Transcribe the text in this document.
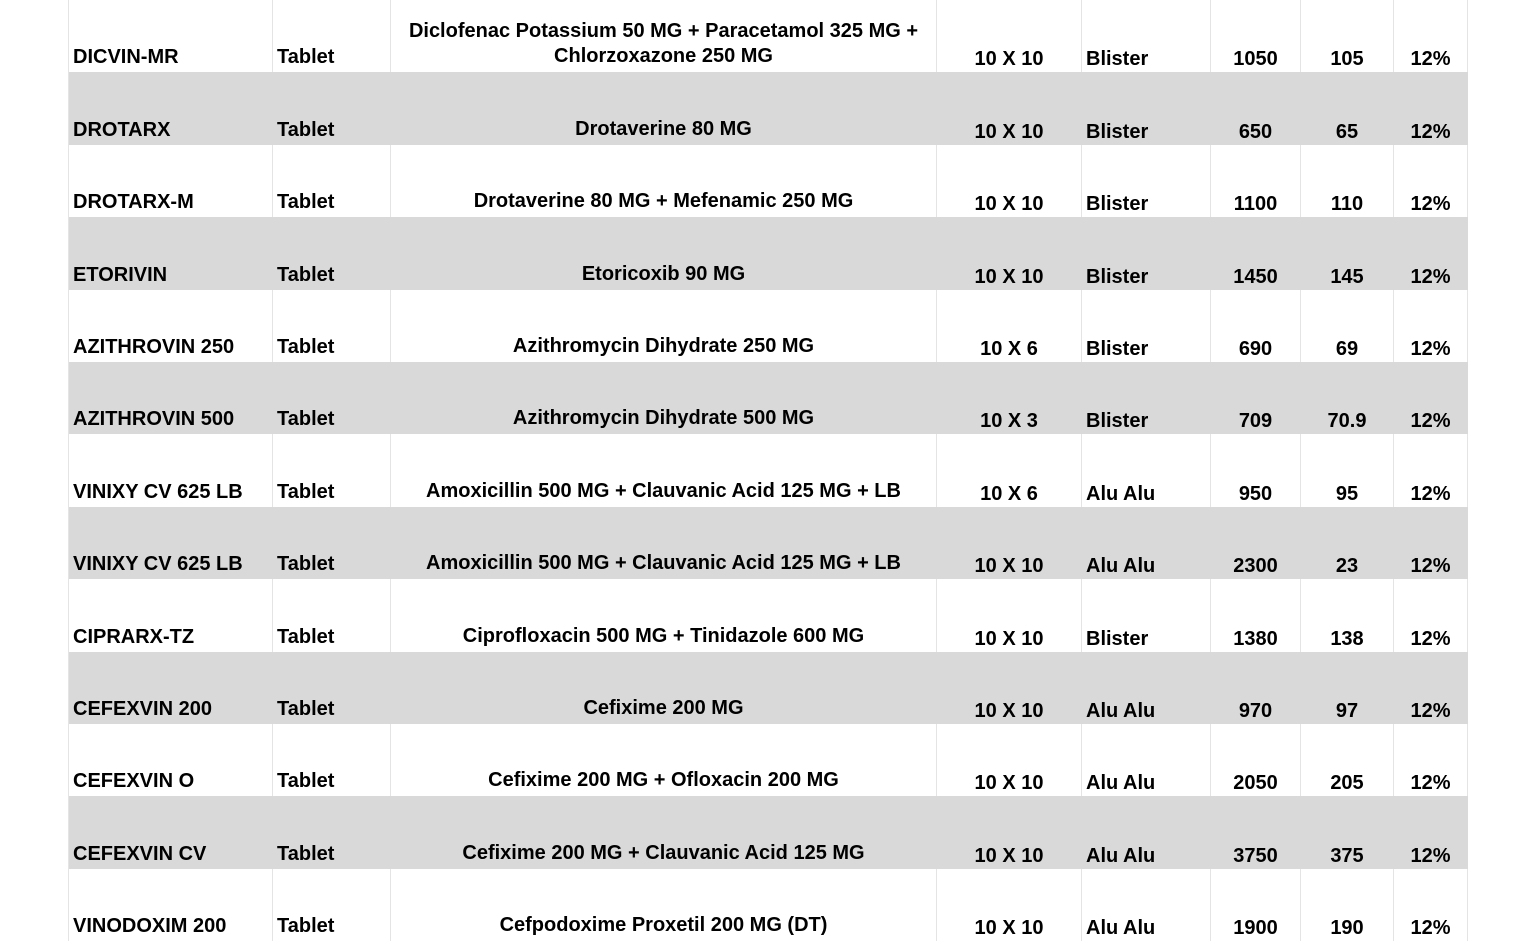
DICVIN-MR	Tablet	Diclofenac Potassium 50 MG + Paracetamol 325 MG + Chlorzoxazone 250 MG	10 X 10	Blister	1050	105	12%
DROTARX	Tablet	Drotaverine 80 MG	10 X 10	Blister	650	65	12%
DROTARX-M	Tablet	Drotaverine 80 MG + Mefenamic 250 MG	10 X 10	Blister	1100	110	12%
ETORIVIN	Tablet	Etoricoxib 90 MG	10 X 10	Blister	1450	145	12%
AZITHROVIN 250	Tablet	Azithromycin Dihydrate 250 MG	10 X 6	Blister	690	69	12%
AZITHROVIN 500	Tablet	Azithromycin Dihydrate 500 MG	10 X 3	Blister	709	70.9	12%
VINIXY CV 625 LB	Tablet	Amoxicillin 500 MG + Clauvanic Acid 125 MG + LB	10 X 6	Alu Alu	950	95	12%
VINIXY CV 625 LB	Tablet	Amoxicillin 500 MG + Clauvanic Acid 125 MG + LB	10 X 10	Alu Alu	2300	23	12%
CIPRARX-TZ	Tablet	Ciprofloxacin 500 MG + Tinidazole 600 MG	10 X 10	Blister	1380	138	12%
CEFEXVIN 200	Tablet	Cefixime 200 MG	10 X 10	Alu Alu	970	97	12%
CEFEXVIN O	Tablet	Cefixime 200 MG + Ofloxacin 200 MG	10 X 10	Alu Alu	2050	205	12%
CEFEXVIN CV	Tablet	Cefixime 200 MG + Clauvanic Acid 125 MG	10 X 10	Alu Alu	3750	375	12%
VINODOXIM 200	Tablet	Cefpodoxime Proxetil 200 MG (DT)	10 X 10	Alu Alu	1900	190	12%
